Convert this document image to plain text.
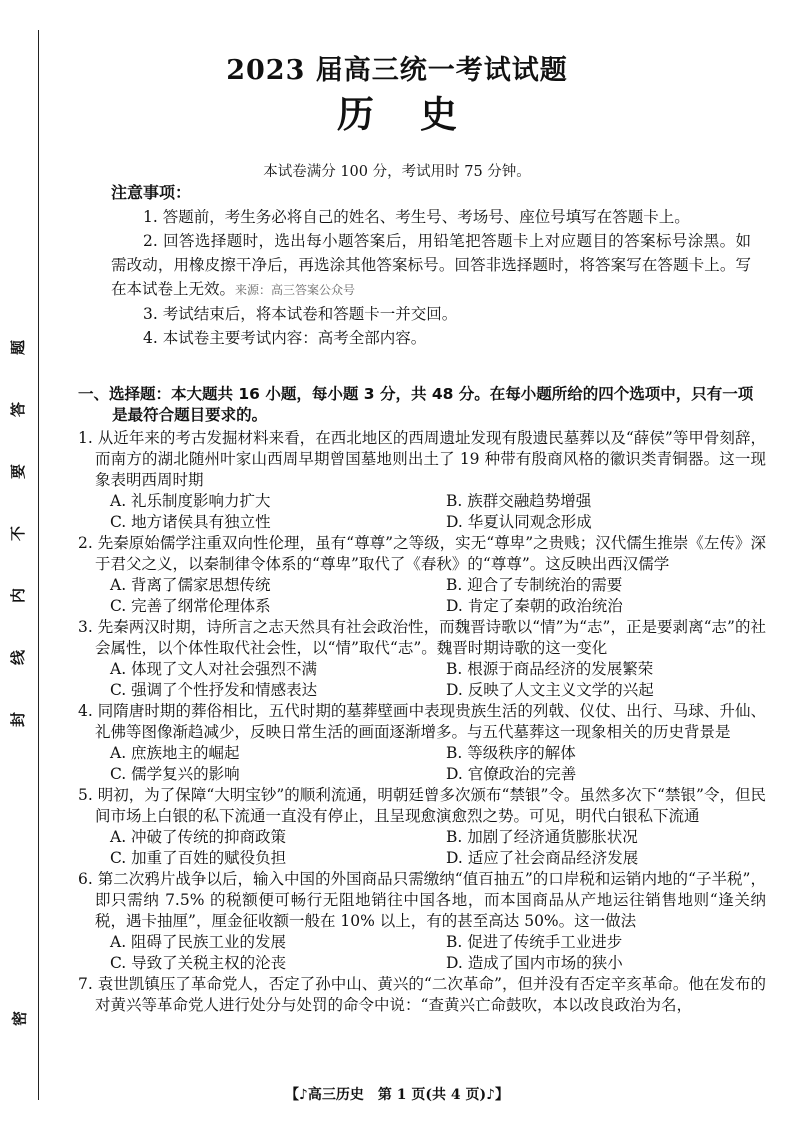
题
答
要
不
内
线
封
密
2023 届高三统一考试试题
历史
本试卷满分 100 分，考试用时 75 分钟。
注意事项：

1. 答题前，考生务必将自己的姓名、考生号、考场号、座位号填写在答题卡上。

2. 回答选择题时，选出每小题答案后，用铅笔把答题卡上对应题目的答案标号涂黑。如需改动，用橡皮擦干净后，再选涂其他答案标号。回答非选择题时，将答案写在答题卡上。写在本试卷上无效。来源：高三答案公众号

3. 考试结束后，将本试卷和答题卡一并交回。

4. 本试卷主要考试内容：高考全部内容。

一、选择题：本大题共 16 小题，每小题 3 分，共 48 分。在每小题所给的四个选项中，只有一项是最符合题目要求的。
1. 从近年来的考古发掘材料来看，在西北地区的西周遗址发现有殷遗民墓葬以及“薛侯”等甲骨刻辞，而南方的湖北随州叶家山西周早期曾国墓地则出土了 19 种带有殷商风格的徽识类青铜器。这一现象表明西周时期
A. 礼乐制度影响力扩大	B. 族群交融趋势增强
C. 地方诸侯具有独立性	D. 华夏认同观念形成
2. 先秦原始儒学注重双向性伦理，虽有“尊尊”之等级，实无“尊卑”之贵贱；汉代儒生推崇《左传》深于君父之义，以秦制律令体系的“尊卑”取代了《春秋》的“尊尊”。这反映出西汉儒学
A. 背离了儒家思想传统	B. 迎合了专制统治的需要
C. 完善了纲常伦理体系	D. 肯定了秦朝的政治统治
3. 先秦两汉时期，诗所言之志天然具有社会政治性，而魏晋诗歌以“情”为“志”，正是要剥离“志”的社会属性，以个体性取代社会性，以“情”取代“志”。魏晋时期诗歌的这一变化
A. 体现了文人对社会强烈不满	B. 根源于商品经济的发展繁荣
C. 强调了个性抒发和情感表达	D. 反映了人文主义文学的兴起
4. 同隋唐时期的葬俗相比，五代时期的墓葬壁画中表现贵族生活的列戟、仪仗、出行、马球、升仙、礼佛等图像渐趋减少，反映日常生活的画面逐渐增多。与五代墓葬这一现象相关的历史背景是
A. 庶族地主的崛起	B. 等级秩序的解体
C. 儒学复兴的影响	D. 官僚政治的完善
5. 明初，为了保障“大明宝钞”的顺利流通，明朝廷曾多次颁布“禁银”令。虽然多次下“禁银”令，但民间市场上白银的私下流通一直没有停止，且呈现愈演愈烈之势。可见，明代白银私下流通
A. 冲破了传统的抑商政策	B. 加剧了经济通货膨胀状况
C. 加重了百姓的赋役负担	D. 适应了社会商品经济发展
6. 第二次鸦片战争以后，输入中国的外国商品只需缴纳“值百抽五”的口岸税和运销内地的“子半税”，即只需纳 7.5% 的税额便可畅行无阻地销往中国各地，而本国商品从产地运往销售地则“逢关纳税，遇卡抽厘”，厘金征收额一般在 10% 以上，有的甚至高达 50%。这一做法
A. 阻碍了民族工业的发展	B. 促进了传统手工业进步
C. 导致了关税主权的沦丧	D. 造成了国内市场的狭小
7. 袁世凯镇压了革命党人，否定了孙中山、黄兴的“二次革命”，但并没有否定辛亥革命。他在发布的对黄兴等革命党人进行处分与处罚的命令中说：“查黄兴亡命鼓吹，本以改良政治为名，
【♪高三历史　第 1 页(共 4 页)♪】
